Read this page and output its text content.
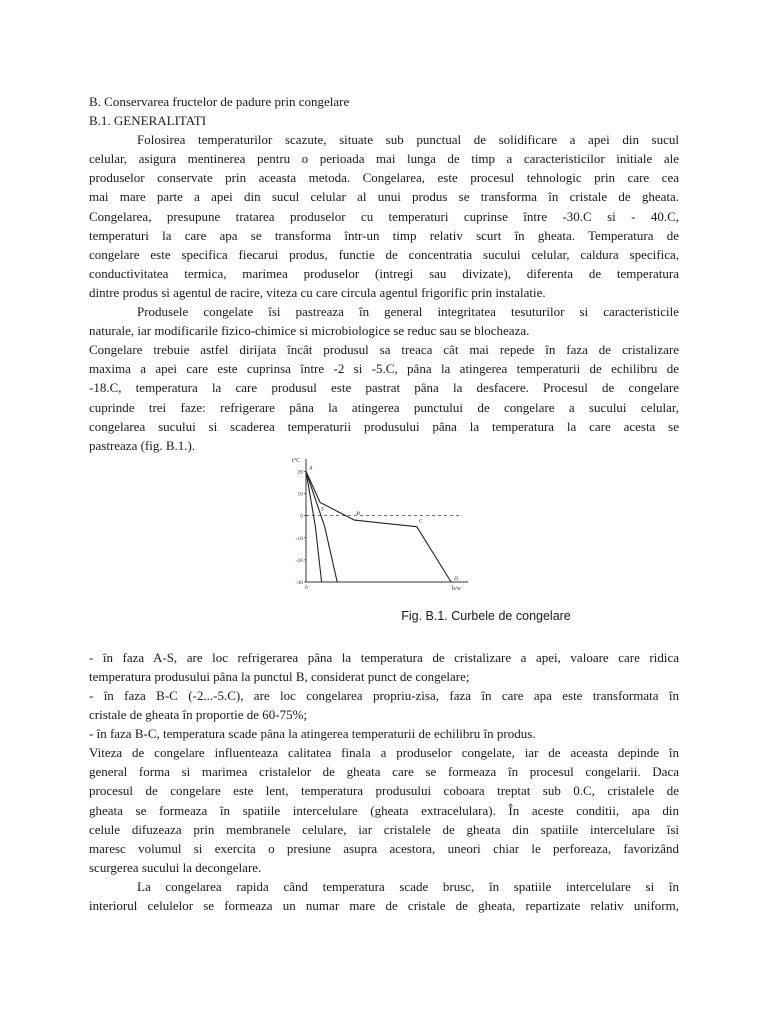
B. Conservarea fructelor de padure prin congelare
B.1. GENERALITATI
Folosirea temperaturilor scazute, situate sub punctual de solidificare a apei din sucul
celular, asigura mentinerea pentru o perioada mai lunga de timp a caracteristicilor initiale ale
produselor conservate prin aceasta metoda. Congelarea, este procesul tehnologic prin care cea
mai mare parte a apei din sucul celular al unui produs se transforma în cristale de gheata.
Congelarea, presupune tratarea produselor cu temperaturi cuprinse între -30.C si - 40.C,
temperaturi la care apa se transforma într-un timp relativ scurt în gheata. Temperatura de
congelare este specifica fiecarui produs, functie de concentratia sucului celular, caldura specifica,
conductivitatea termica, marimea produselor (intregi sau divizate), diferenta de temperatura
dintre produs si agentul de racire, viteza cu care circula agentul frigorific prin instalatie.
Produsele congelate îsi pastreaza în general integritatea tesuturilor si caracteristicile
naturale, iar modificarile fizico-chimice si microbiologice se reduc sau se blocheaza.
Congelare trebuie astfel dirijata încât produsul sa treaca cât mai repede în faza de cristalizare
maxima a apei care este cuprinsa între -2 si -5.C, pâna la atingerea temperaturii de echilibru de
-18.C, temperatura la care produsul este pastrat pâna la desfacere. Procesul de congelare
cuprinde trei faze: refrigerare pâna la atingerea punctului de congelare a sucului celular,
congelarea sucului si scaderea temperaturii produsului pâna la temperatura la care acesta se
pastreaza (fig. B.1.).
t°C
h/w
20
10
0
-10
-20
-30
0
A
S
B
C
D
Fig. B.1. Curbele de congelare
- în faza A-S, are loc refrigerarea pâna la temperatura de cristalizare a apei, valoare care ridica
temperatura produsului pâna la punctul B, considerat punct de congelare;
- în faza B-C (-2...-5.C), are loc congelarea propriu-zisa, faza în care apa este transformata în
cristale de gheata în proportie de 60-75%;
- în faza B-C, temperatura scade pâna la atingerea temperaturii de echilibru în produs.
Viteza de congelare influenteaza calitatea finala a produselor congelate, iar de aceasta depinde în
general forma si marimea cristalelor de gheata care se formeaza în procesul congelarii. Daca
procesul de congelare este lent, temperatura produsului coboara treptat sub 0.C, cristalele de
gheata se formeaza în spatiile intercelulare (gheata extracelulara). În aceste conditii, apa din
celule difuzeaza prin membranele celulare, iar cristalele de gheata din spatiile intercelulare îsi
maresc volumul si exercita o presiune asupra acestora, uneori chiar le perforeaza, favorizând
scurgerea sucului la decongelare.
La congelarea rapida când temperatura scade brusc, în spatiile intercelulare si în
interiorul celulelor se formeaza un numar mare de cristale de gheata, repartizate relativ uniform,
